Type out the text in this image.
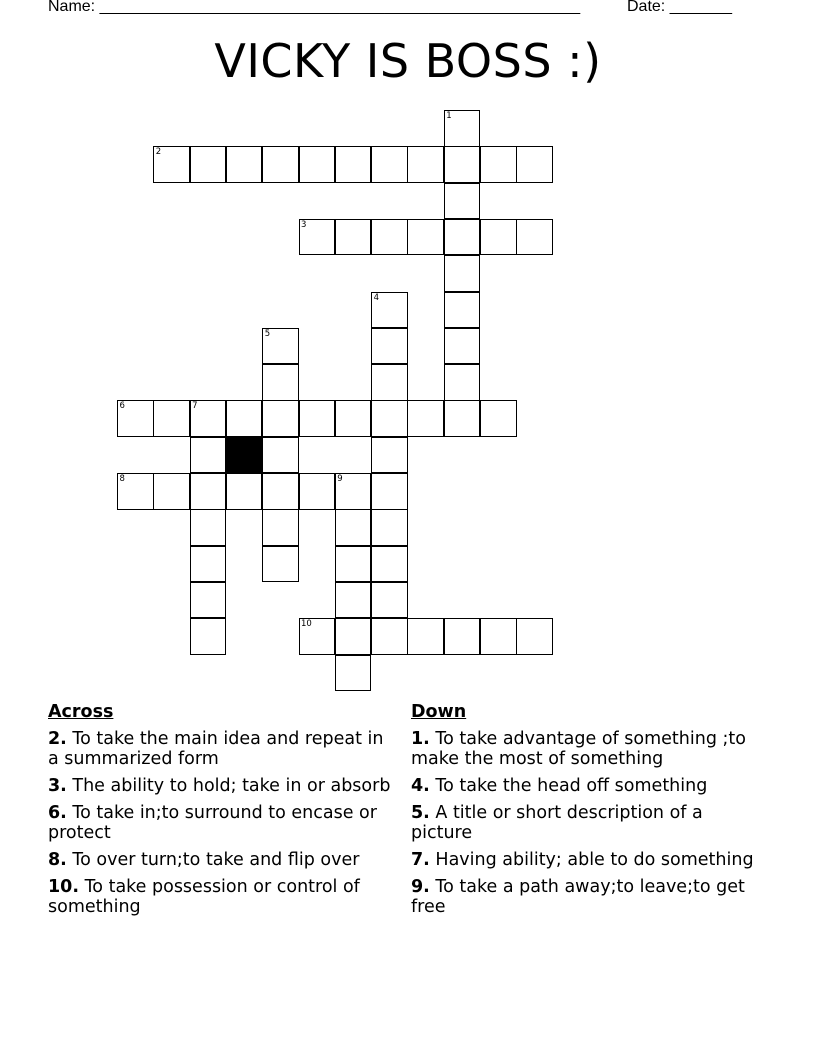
Name: ______________________________________________________	Date: _______
VICKY IS BOSS :)
1
2
3
4
5
6	7
8	9
10
Across
2. To take the main idea and repeat in a summarized form
3. The ability to hold; take in or absorb
6. To take in;to surround to encase or protect
8. To over turn;to take and flip over
10. To take possession or control of something
Down
1. To take advantage of something ;to make the most of something
4. To take the head off something
5. A title or short description of a picture
7. Having ability; able to do something
9. To take a path away;to leave;to get free
